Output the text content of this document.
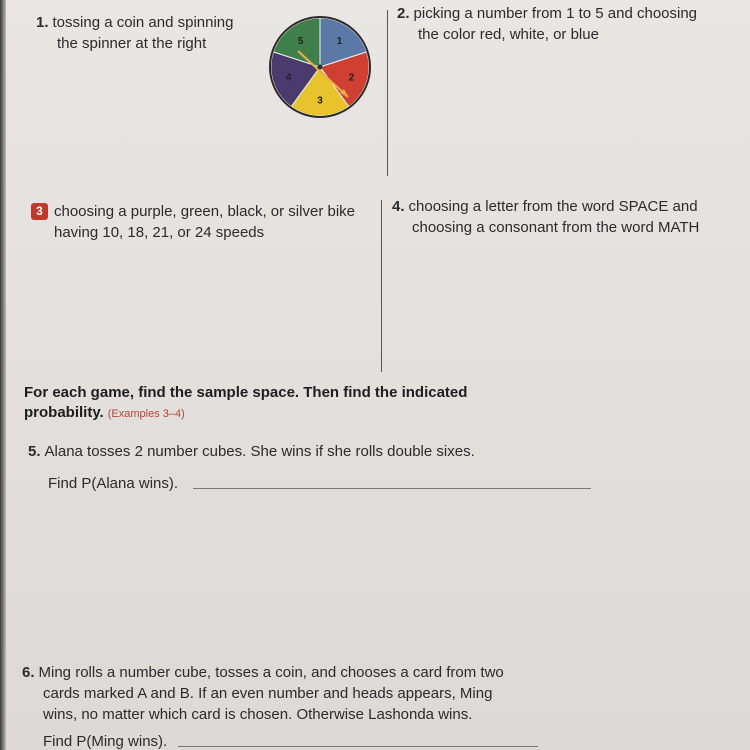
1. tossing a coin and spinning
the spinner at the right	1
2
3
4
5
2. picking a number from 1 to 5 and choosing
the color red, white, or blue
3 choosing a purple, green, black, or silver bike
having 10, 18, 21, or 24 speeds
4. choosing a letter from the word SPACE and
choosing a consonant from the word MATH
For each game, find the sample space. Then find the indicated
probability. (Examples 3–4)
5. Alana tosses 2 number cubes. She wins if she rolls double sixes.
Find P(Alana wins).
6. Ming rolls a number cube, tosses a coin, and chooses a card from two
cards marked A and B. If an even number and heads appears, Ming
wins, no matter which card is chosen. Otherwise Lashonda wins.
Find P(Ming wins).
